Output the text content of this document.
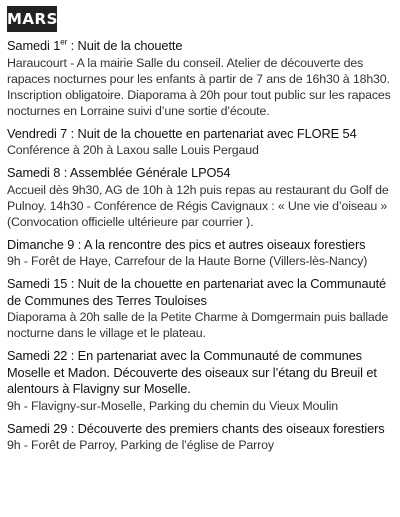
MARS
Samedi 1er : Nuit de la chouette
Haraucourt - A la mairie Salle du conseil. Atelier de découverte des rapaces nocturnes pour les enfants à partir de 7 ans de 16h30 à 18h30. Inscription obligatoire. Diaporama à 20h pour tout public sur les rapaces nocturnes en Lorraine suivi d’une sortie d’écoute.
Vendredi 7 : Nuit de la chouette en partenariat avec FLORE 54
Conférence à 20h à Laxou salle Louis Pergaud
Samedi 8 : Assemblée Générale LPO54
Accueil dès 9h30, AG de 10h à 12h puis repas au restaurant du Golf de Pulnoy. 14h30 - Conférence de Régis Cavignaux : « Une vie d’oiseau » (Convocation officielle ultérieure par courrier ).
Dimanche 9 : A la rencontre des pics et autres oiseaux forestiers
9h - Forêt de Haye, Carrefour de la Haute Borne (Villers-lès-Nancy)
Samedi 15 : Nuit de la chouette en partenariat avec la Communauté de Communes des Terres Touloises
Diaporama à 20h salle de la Petite Charme à Domgermain puis ballade nocturne dans le village et le plateau.
Samedi 22 : En partenariat avec la Communauté de communes Moselle et Madon. Découverte des oiseaux sur l’étang du Breuil et alentours à Flavigny sur Moselle.
9h - Flavigny-sur-Moselle, Parking du chemin du Vieux Moulin
Samedi 29 : Découverte des premiers chants des oiseaux forestiers
9h - Forêt de Parroy, Parking de l’église de Parroy
